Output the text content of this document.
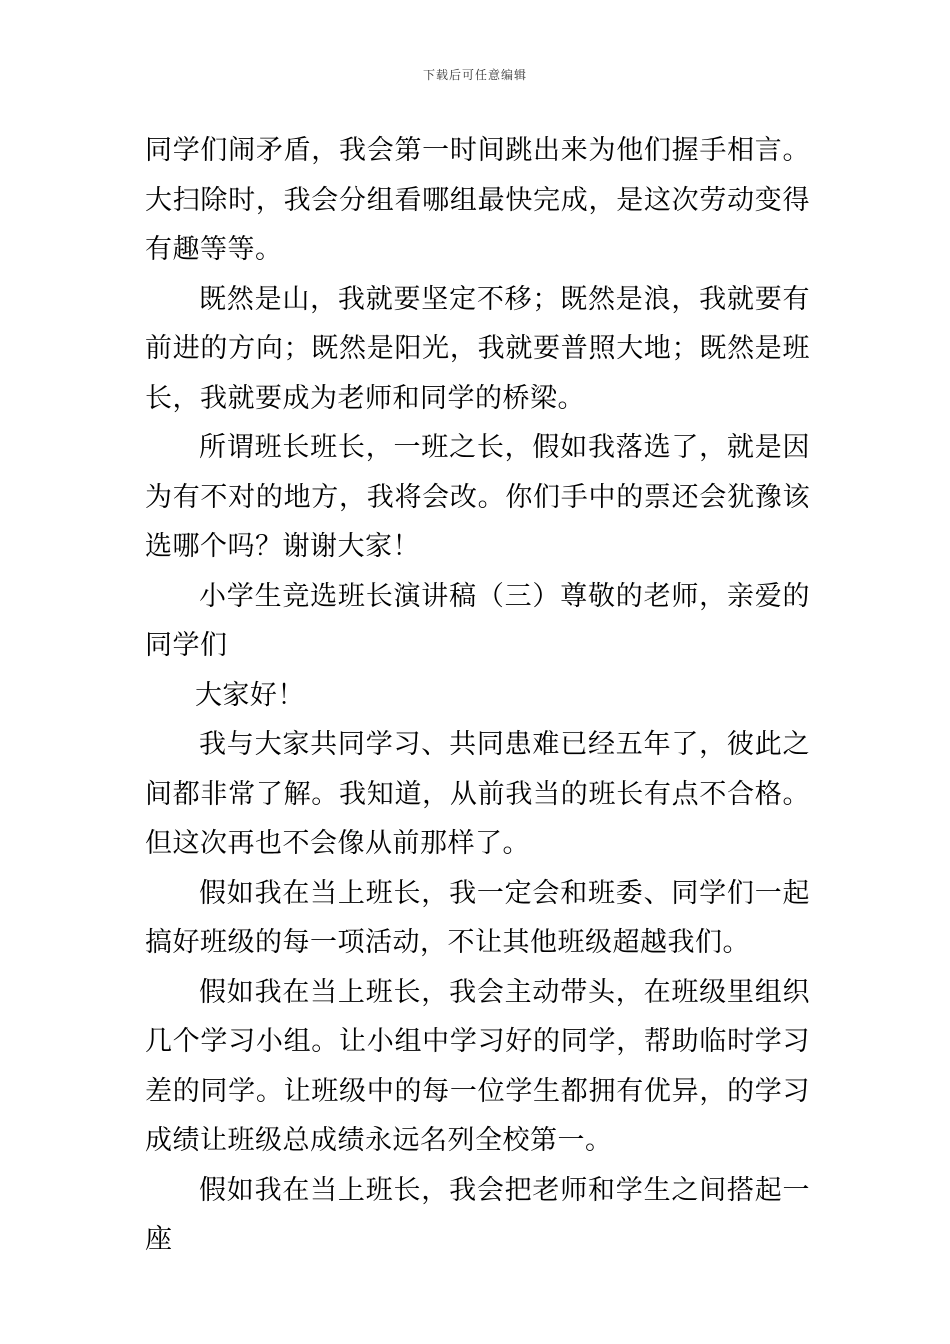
下载后可任意编辑

同学们闹矛盾，我会第一时间跳出来为他们握手相言。大扫除时，我会分组看哪组最快完成，是这次劳动变得有趣等等。

既然是山，我就要坚定不移；既然是浪，我就要有前进的方向；既然是阳光，我就要普照大地；既然是班长，我就要成为老师和同学的桥梁。

所谓班长班长，一班之长，假如我落选了，就是因为有不对的地方，我将会改。你们手中的票还会犹豫该选哪个吗？谢谢大家！

小学生竞选班长演讲稿（三）尊敬的老师，亲爱的同学们

大家好！

我与大家共同学习、共同患难已经五年了，彼此之间都非常了解。我知道，从前我当的班长有点不合格。但这次再也不会像从前那样了。

假如我在当上班长，我一定会和班委、同学们一起搞好班级的每一项活动，不让其他班级超越我们。

假如我在当上班长，我会主动带头，在班级里组织几个学习小组。让小组中学习好的同学，帮助临时学习差的同学。让班级中的每一位学生都拥有优异，的学习成绩让班级总成绩永远名列全校第一。

假如我在当上班长，我会把老师和学生之间搭起一座
